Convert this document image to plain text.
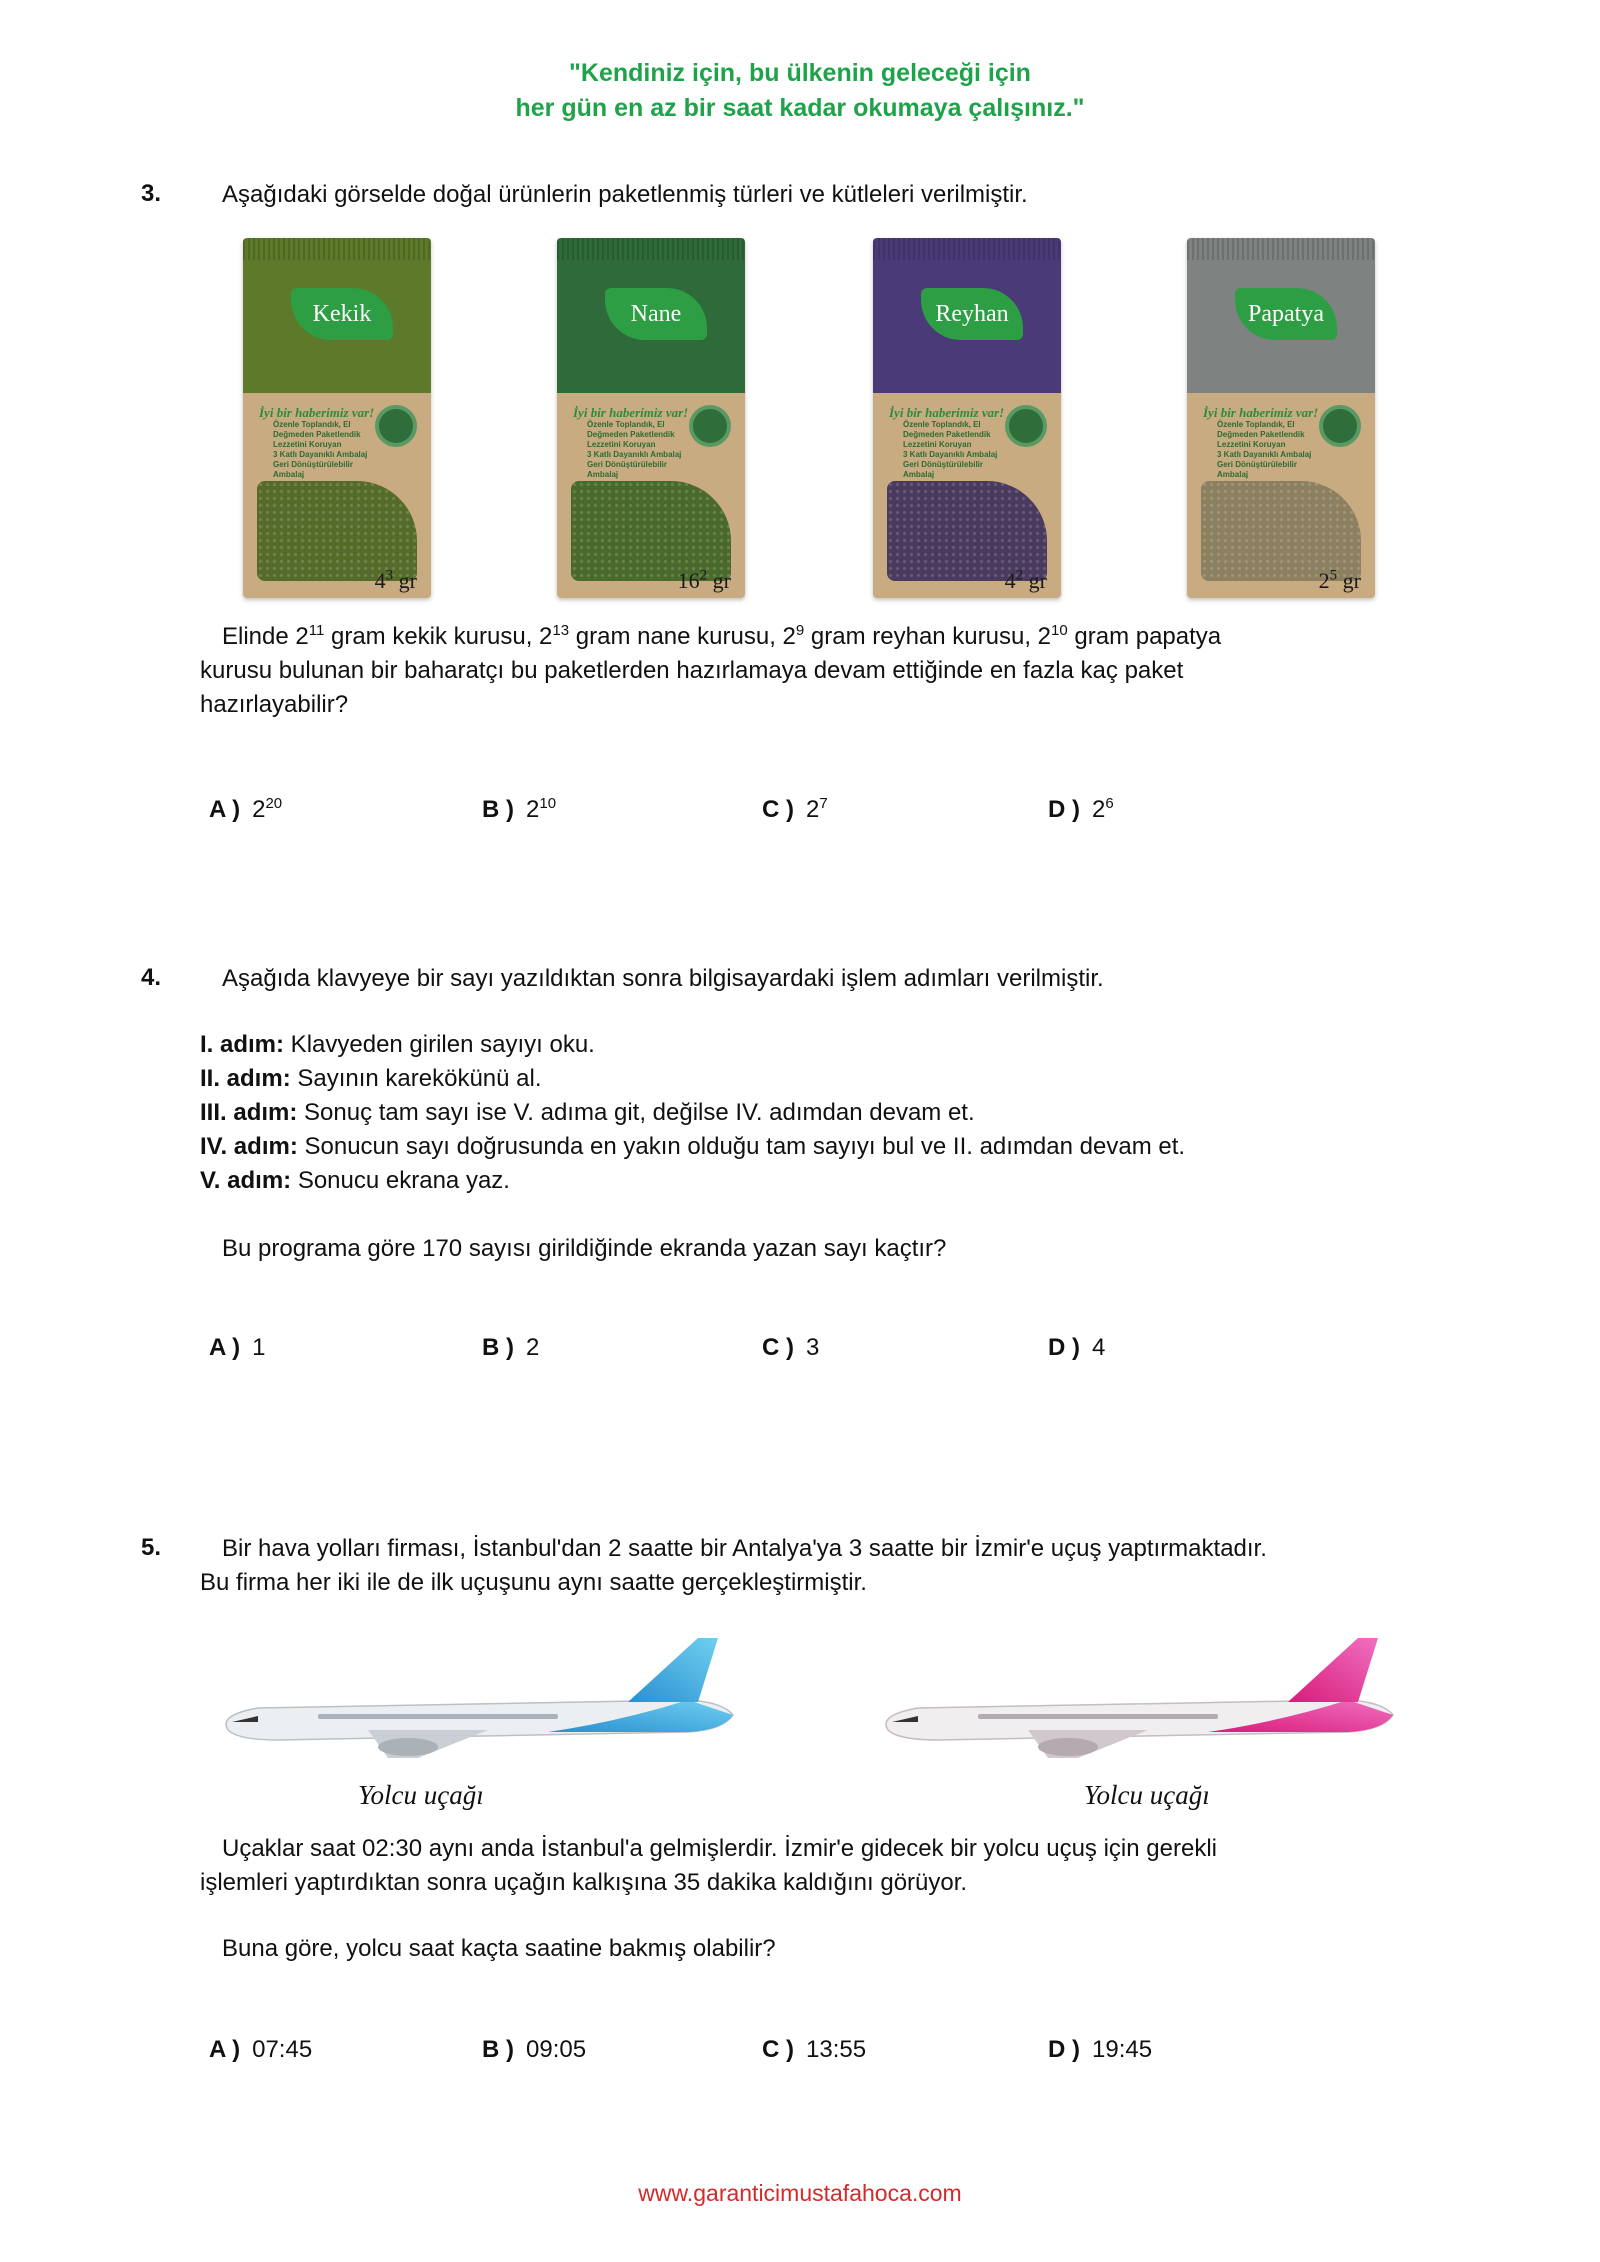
"Kendiniz için, bu ülkenin geleceği için
her gün en az bir saat kadar okumaya çalışınız."
3.	Aşağıdaki görselde doğal ürünlerin paketlenmiş türleri ve kütleleri verilmiştir.
Kekik
İyi bir haberimiz var!
Özenle Toplandık, El
Değmeden Paketlendik
Lezzetini Koruyan
3 Katlı Dayanıklı Ambalaj
Geri Dönüştürülebilir
Ambalaj
$4^3$ gr
Nane
İyi bir haberimiz var!
Özenle Toplandık, El
Değmeden Paketlendik
Lezzetini Koruyan
3 Katlı Dayanıklı Ambalaj
Geri Dönüştürülebilir
Ambalaj
$16^2$ gr
Reyhan
İyi bir haberimiz var!
Özenle Toplandık, El
Değmeden Paketlendik
Lezzetini Koruyan
3 Katlı Dayanıklı Ambalaj
Geri Dönüştürülebilir
Ambalaj
$4^2$ gr
Papatya
İyi bir haberimiz var!
Özenle Toplandık, El
Değmeden Paketlendik
Lezzetini Koruyan
3 Katlı Dayanıklı Ambalaj
Geri Dönüştürülebilir
Ambalaj
$2^5$ gr
Elinde $2^{11}$ gram kekik kurusu, $2^{13}$ gram nane kurusu, $2^9$ gram reyhan kurusu, $2^{10}$ gram papatya
kurusu bulunan bir baharatçı bu paketlerden hazırlamaya devam ettiğinde en fazla kaç paket
hazırlayabilir?
A ) $2^{20}$	B ) $2^{10}$	C ) $2^7$	D ) $2^6$
4.	Aşağıda klavyeye bir sayı yazıldıktan sonra bilgisayardaki işlem adımları verilmiştir.
I. adım: Klavyeden girilen sayıyı oku.
II. adım: Sayının karekökünü al.
III. adım: Sonuç tam sayı ise V. adıma git, değilse IV. adımdan devam et.
IV. adım: Sonucun sayı doğrusunda en yakın olduğu tam sayıyı bul ve II. adımdan devam et.
V. adım: Sonucu ekrana yaz.
Bu programa göre 170 sayısı girildiğinde ekranda yazan sayı kaçtır?
A ) 1	B ) 2	C ) 3	D ) 4
5.	Bir hava yolları firması, İstanbul'dan 2 saatte bir Antalya'ya 3 saatte bir İzmir'e uçuş yaptırmaktadır.
Bu firma her iki ile de ilk uçuşunu aynı saatte gerçekleştirmiştir.
Yolcu uçağı	Yolcu uçağı
Uçaklar saat 02:30 aynı anda İstanbul'a gelmişlerdir. İzmir'e gidecek bir yolcu uçuş için gerekli
işlemleri yaptırdıktan sonra uçağın kalkışına 35 dakika kaldığını görüyor.
Buna göre, yolcu saat kaçta saatine bakmış olabilir?
A ) 07:45	B ) 09:05	C ) 13:55	D ) 19:45
www.garanticimustafahoca.com
